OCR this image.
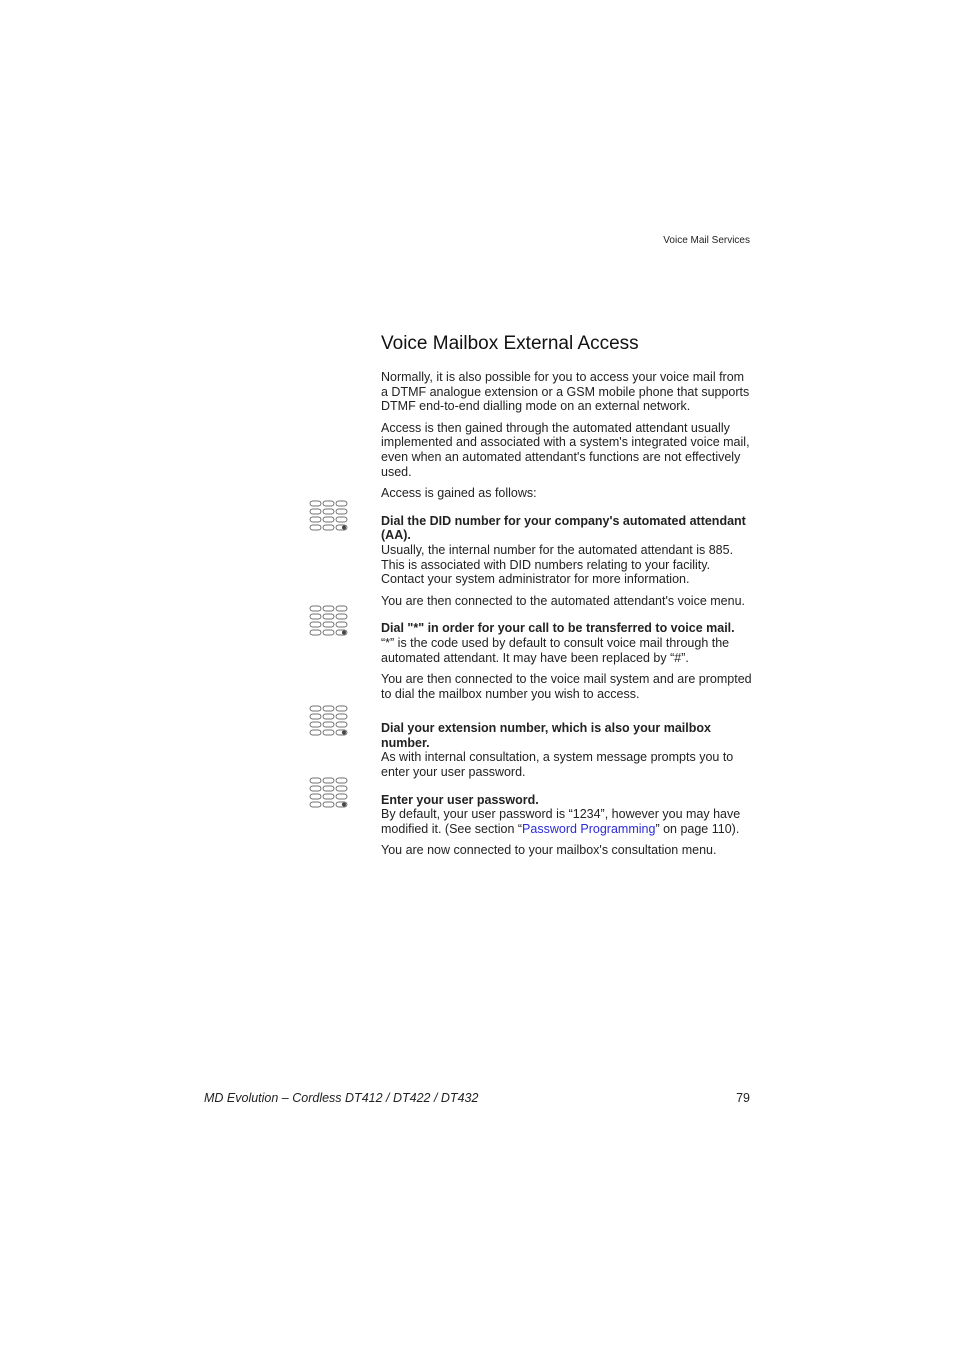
Voice Mail Services
Voice Mailbox External Access

Normally, it is also possible for you to access your voice mail from a DTMF analogue extension or a GSM mobile phone that supports DTMF end-to-end dialling mode on an external network.

Access is then gained through the automated attendant usually implemented and associated with a system's integrated voice mail, even when an automated attendant's functions are not effectively used.

Access is gained as follows:

Dial the DID number for your company's automated attendant (AA).

Usually, the internal number for the automated attendant is 885. This is associated with DID numbers relating to your facility. Contact your system administrator for more information.

You are then connected to the automated attendant's voice menu.

Dial "*" in order for your call to be transferred to voice mail.

“*” is the code used by default to consult voice mail through the automated attendant. It may have been replaced by “#”.

You are then connected to the voice mail system and are prompted to dial the mailbox number you wish to access.

Dial your extension number, which is also your mailbox number.

As with internal consultation, a system message prompts you to enter your user password.

Enter your user password.

By default, your user password is “1234”, however you may have modified it. (See section “Password Programming” on page 110).

You are now connected to your mailbox's consultation menu.

MD Evolution – Cordless DT412 / DT422 / DT432	79
